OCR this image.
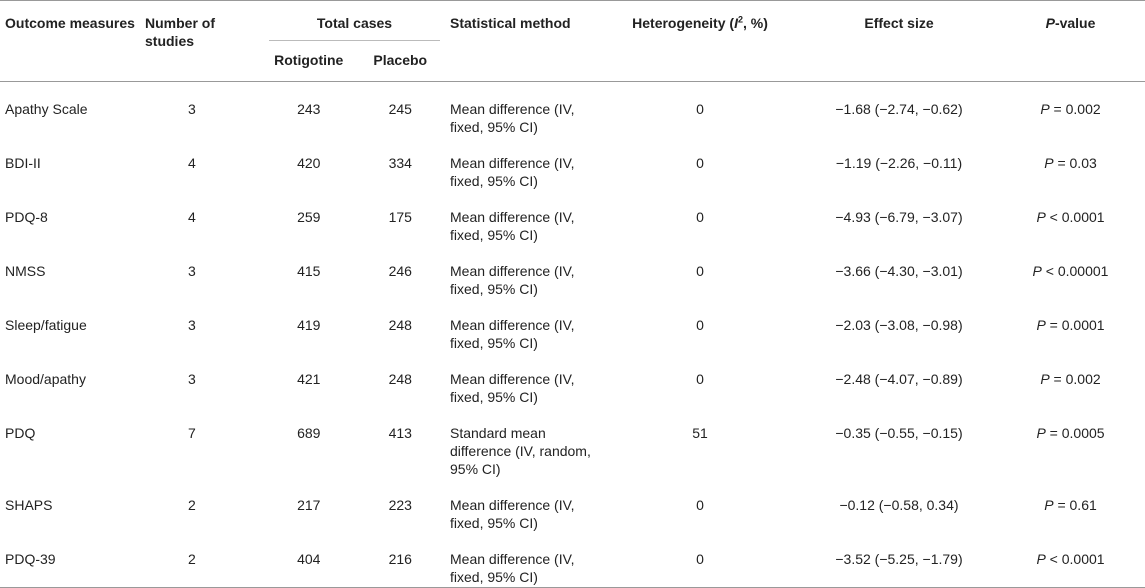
Outcome measures	Number of studies	Total cases		Statistical method	Heterogeneity ($I^2$, %)	Effect size	P-value
		Rotigotine	Placebo				
Apathy Scale	3	243	245	Mean difference (IV, fixed, 95% CI)	0	−1.68 (−2.74, −0.62)	P = 0.002
BDI-II	4	420	334	Mean difference (IV, fixed, 95% CI)	0	−1.19 (−2.26, −0.11)	P = 0.03
PDQ-8	4	259	175	Mean difference (IV, fixed, 95% CI)	0	−4.93 (−6.79, −3.07)	P < 0.0001
NMSS	3	415	246	Mean difference (IV, fixed, 95% CI)	0	−3.66 (−4.30, −3.01)	P < 0.00001
Sleep/fatigue	3	419	248	Mean difference (IV, fixed, 95% CI)	0	−2.03 (−3.08, −0.98)	P = 0.0001
Mood/apathy	3	421	248	Mean difference (IV, fixed, 95% CI)	0	−2.48 (−4.07, −0.89)	P = 0.002
PDQ	7	689	413	Standard mean difference (IV, random, 95% CI)	51	−0.35 (−0.55, −0.15)	P = 0.0005
SHAPS	2	217	223	Mean difference (IV, fixed, 95% CI)	0	−0.12 (−0.58, 0.34)	P = 0.61
PDQ-39	2	404	216	Mean difference (IV, fixed, 95% CI)	0	−3.52 (−5.25, −1.79)	P < 0.0001
